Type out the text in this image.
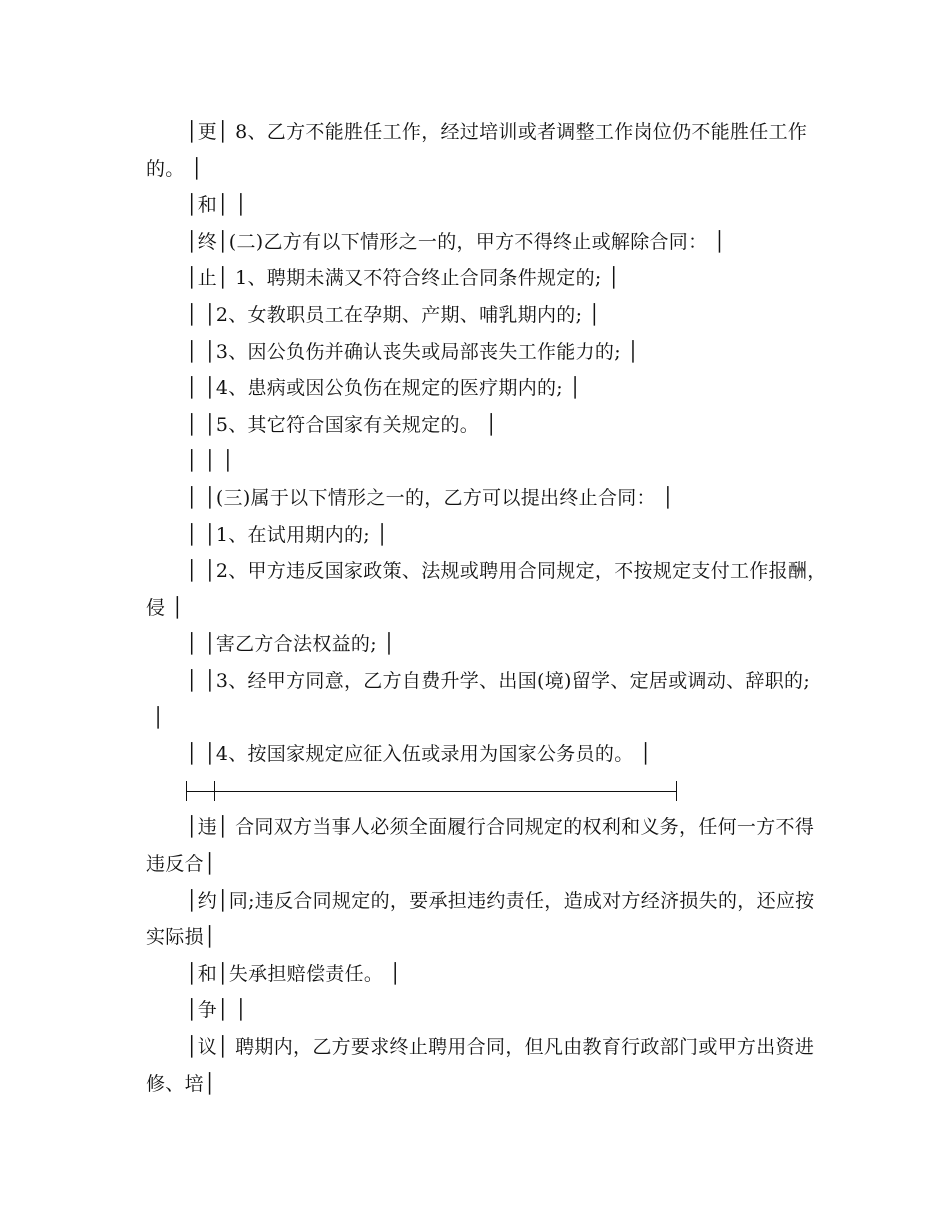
│更│ 8、乙方不能胜任工作，经过培训或者调整工作岗位仍不能胜任工作
的。 │
│和│ │
│终│(二)乙方有以下情形之一的，甲方不得终止或解除合同： │
│止│ 1、聘期未满又不符合终止合同条件规定的; │
│ │2、女教职员工在孕期、产期、哺乳期内的; │
│ │3、因公负伤并确认丧失或局部丧失工作能力的; │
│ │4、患病或因公负伤在规定的医疗期内的; │
│ │5、其它符合国家有关规定的。 │
│ │ │
│ │(三)属于以下情形之一的，乙方可以提出终止合同： │
│ │1、在试用期内的; │
│ │2、甲方违反国家政策、法规或聘用合同规定，不按规定支付工作报酬，
侵 │
│ │害乙方合法权益的; │
│ │3、经甲方同意，乙方自费升学、出国(境)留学、定居或调动、辞职的;
│
│ │4、按国家规定应征入伍或录用为国家公务员的。 │
│违│ 合同双方当事人必须全面履行合同规定的权利和义务，任何一方不得
违反合│
│约│同;违反合同规定的，要承担违约责任，造成对方经济损失的，还应按
实际损│
│和│失承担赔偿责任。 │
│争│ │
│议│ 聘期内，乙方要求终止聘用合同，但凡由教育行政部门或甲方出资进
修、培│
